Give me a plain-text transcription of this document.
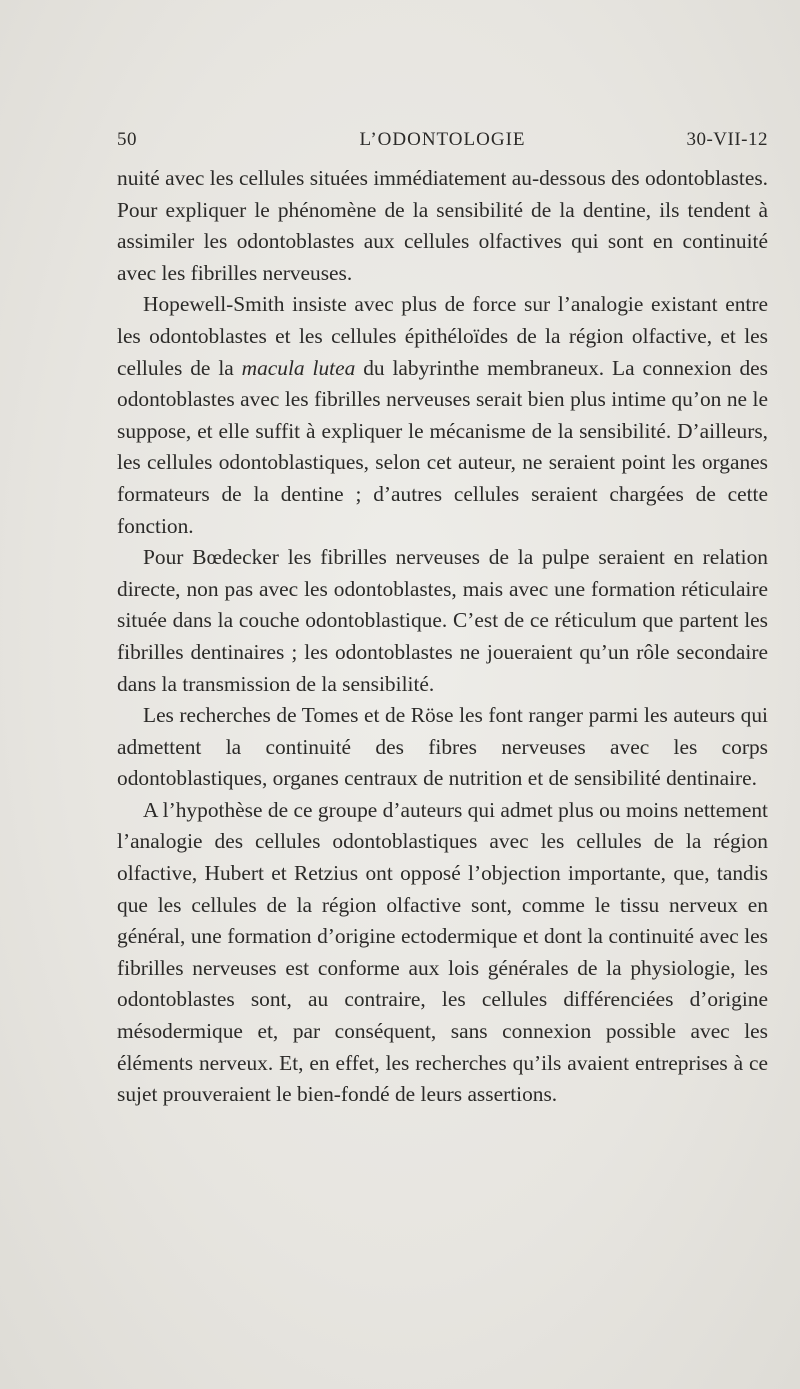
50	L’ODONTOLOGIE	30-VII-12

nuité avec les cellules situées immédiatement au-dessous des odontoblastes. Pour expliquer le phénomène de la sensibilité de la dentine, ils tendent à assimiler les odontoblastes aux cellules olfactives qui sont en continuité avec les fibrilles nerveuses.

Hopewell-Smith insiste avec plus de force sur l’analogie existant entre les odontoblastes et les cellules épithéloïdes de la région olfactive, et les cellules de la macula lutea du labyrinthe membraneux. La connexion des odontoblastes avec les fibrilles nerveuses serait bien plus intime qu’on ne le suppose, et elle suffit à expliquer le mécanisme de la sensibilité. D’ailleurs, les cellules odontoblastiques, selon cet auteur, ne seraient point les organes formateurs de la dentine ; d’autres cellules seraient chargées de cette fonction.

Pour Bœdecker les fibrilles nerveuses de la pulpe seraient en relation directe, non pas avec les odontoblastes, mais avec une formation réticulaire située dans la couche odontoblastique. C’est de ce réticulum que partent les fibrilles dentinaires ; les odontoblastes ne joueraient qu’un rôle secondaire dans la transmission de la sensibilité.

Les recherches de Tomes et de Röse les font ranger parmi les auteurs qui admettent la continuité des fibres nerveuses avec les corps odontoblastiques, organes centraux de nutrition et de sensibilité dentinaire.

A l’hypothèse de ce groupe d’auteurs qui admet plus ou moins nettement l’analogie des cellules odontoblastiques avec les cellules de la région olfactive, Hubert et Retzius ont opposé l’objection importante, que, tandis que les cellules de la région olfactive sont, comme le tissu nerveux en général, une formation d’origine ectodermique et dont la continuité avec les fibrilles nerveuses est conforme aux lois générales de la physiologie, les odontoblastes sont, au contraire, les cellules différenciées d’origine mésodermique et, par conséquent, sans connexion possible avec les éléments nerveux. Et, en effet, les recherches qu’ils avaient entreprises à ce sujet prouveraient le bien-fondé de leurs assertions.
